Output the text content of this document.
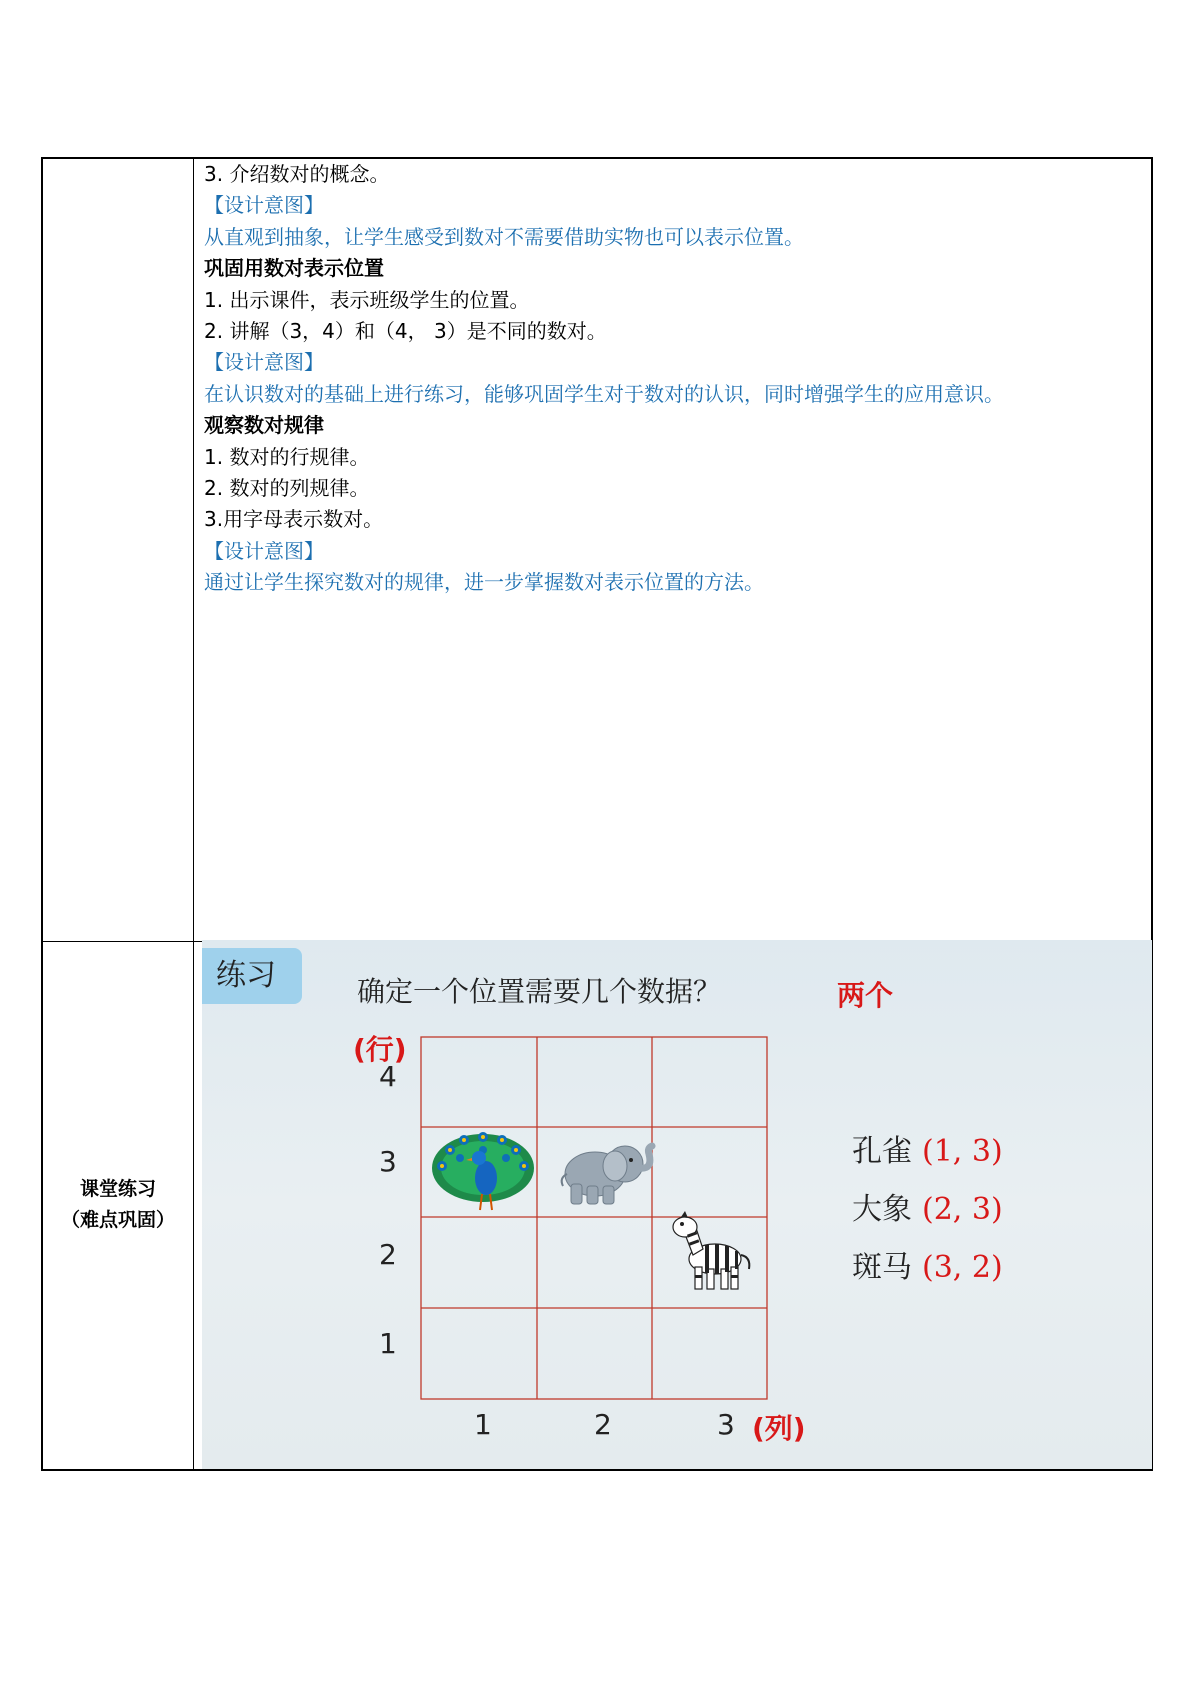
3. 介绍数对的概念。
【设计意图】
从直观到抽象，让学生感受到数对不需要借助实物也可以表示位置。
巩固用数对表示位置
1. 出示课件，表示班级学生的位置。
2. 讲解（3，4）和（4， 3）是不同的数对。
【设计意图】
在认识数对的基础上进行练习，能够巩固学生对于数对的认识，同时增强学生的应用意识。
观察数对规律
1. 数对的行规律。
2. 数对的列规律。
3.用字母表示数对。
【设计意图】
通过让学生探究数对的规律，进一步掌握数对表示位置的方法。
课堂练习
（难点巩固）
练习	确定一个位置需要几个数据？	两个
(行)
4
3
2
1
1	2	3 (列)
孔雀 (1, 3)
大象 (2, 3)
斑马 (3, 2)
